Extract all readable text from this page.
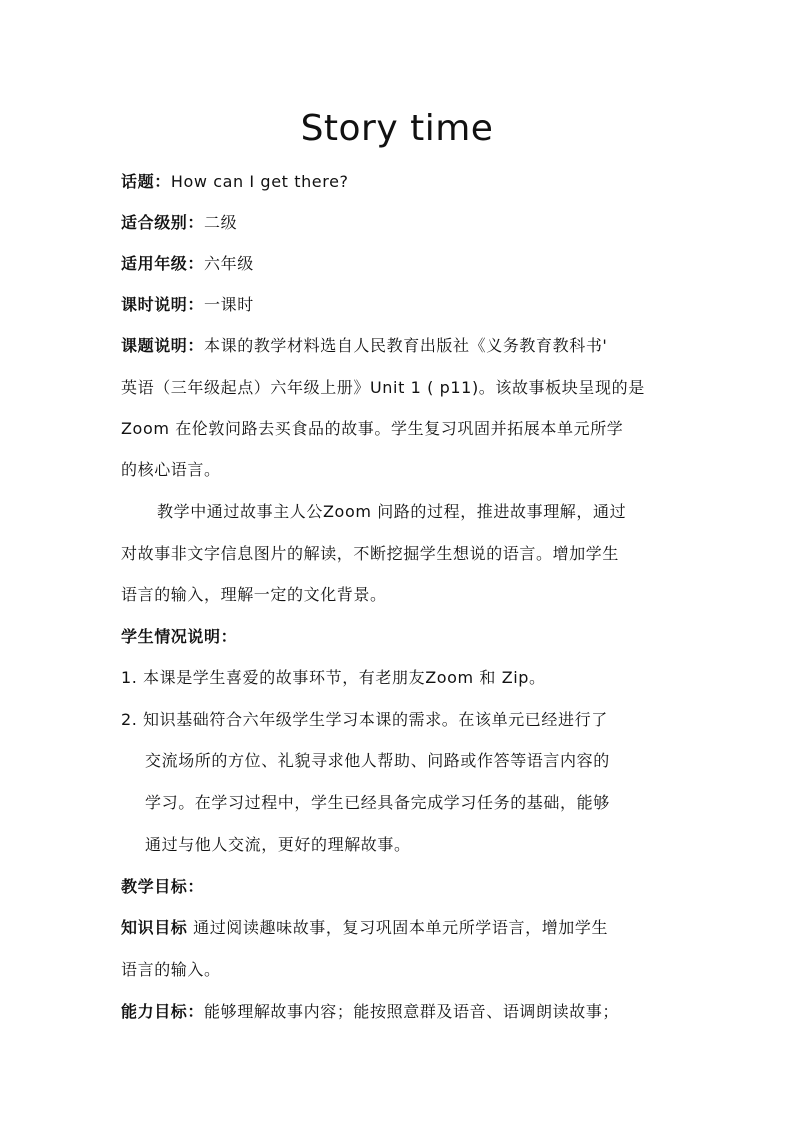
Story time
话题：How can I get there?
适合级别：二级
适用年级：六年级
课时说明：一课时
课题说明：本课的教学材料选自人民教育出版社《义务教育教科书'
英语（三年级起点）六年级上册》Unit 1 ( p11)。该故事板块呈现的是
Zoom 在伦敦问路去买食品的故事。学生复习巩固并拓展本单元所学
的核心语言。
教学中通过故事主人公Zoom 问路的过程，推进故事理解，通过
对故事非文字信息图片的解读，不断挖掘学生想说的语言。增加学生
语言的输入，理解一定的文化背景。
学生情况说明：
1. 本课是学生喜爱的故事环节，有老朋友Zoom 和 Zip。
2. 知识基础符合六年级学生学习本课的需求。在该单元已经进行了
交流场所的方位、礼貌寻求他人帮助、问路或作答等语言内容的
学习。在学习过程中，学生已经具备完成学习任务的基础，能够
通过与他人交流，更好的理解故事。
教学目标：
知识目标 通过阅读趣味故事，复习巩固本单元所学语言，增加学生
语言的输入。
能力目标：能够理解故事内容；能按照意群及语音、语调朗读故事；
